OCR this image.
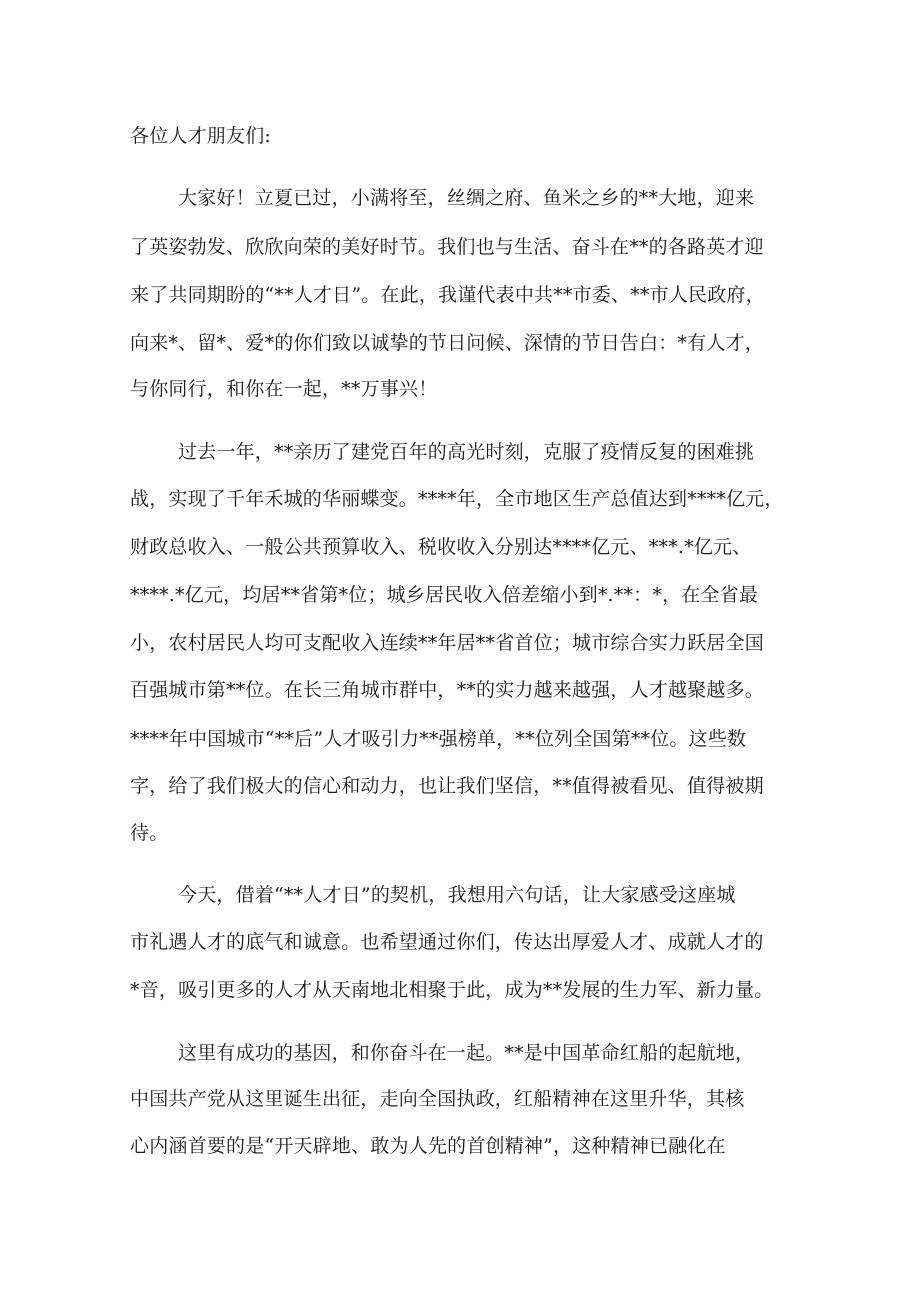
各位人才朋友们:
大家好！立夏已过，小满将至，丝绸之府、鱼米之乡的**大地，迎来
了英姿勃发、欣欣向荣的美好时节。我们也与生活、奋斗在**的各路英才迎
来了共同期盼的“**人才日”。在此，我谨代表中共**市委、**市人民政府，
向来*、留*、爱*的你们致以诚挚的节日问候、深情的节日告白：*有人才，
与你同行，和你在一起，**万事兴！
过去一年，**亲历了建党百年的高光时刻，克服了疫情反复的困难挑
战，实现了千年禾城的华丽蝶变。****年，全市地区生产总值达到****亿元，
财政总收入、一般公共预算收入、税收收入分别达****亿元、***.*亿元、
****.*亿元，均居**省第*位；城乡居民收入倍差缩小到*.**：*，在全省最
小，农村居民人均可支配收入连续**年居**省首位；城市综合实力跃居全国
百强城市第**位。在长三角城市群中，**的实力越来越强，人才越聚越多。
****年中国城市“**后”人才吸引力**强榜单，**位列全国第**位。这些数
字，给了我们极大的信心和动力，也让我们坚信，**值得被看见、值得被期
待。
今天，借着“**人才日”的契机，我想用六句话，让大家感受这座城
市礼遇人才的底气和诚意。也希望通过你们，传达出厚爱人才、成就人才的
*音，吸引更多的人才从天南地北相聚于此，成为**发展的生力军、新力量。
这里有成功的基因，和你奋斗在一起。**是中国革命红船的起航地，
中国共产党从这里诞生出征，走向全国执政，红船精神在这里升华，其核
心内涵首要的是“开天辟地、敢为人先的首创精神”，这种精神已融化在
